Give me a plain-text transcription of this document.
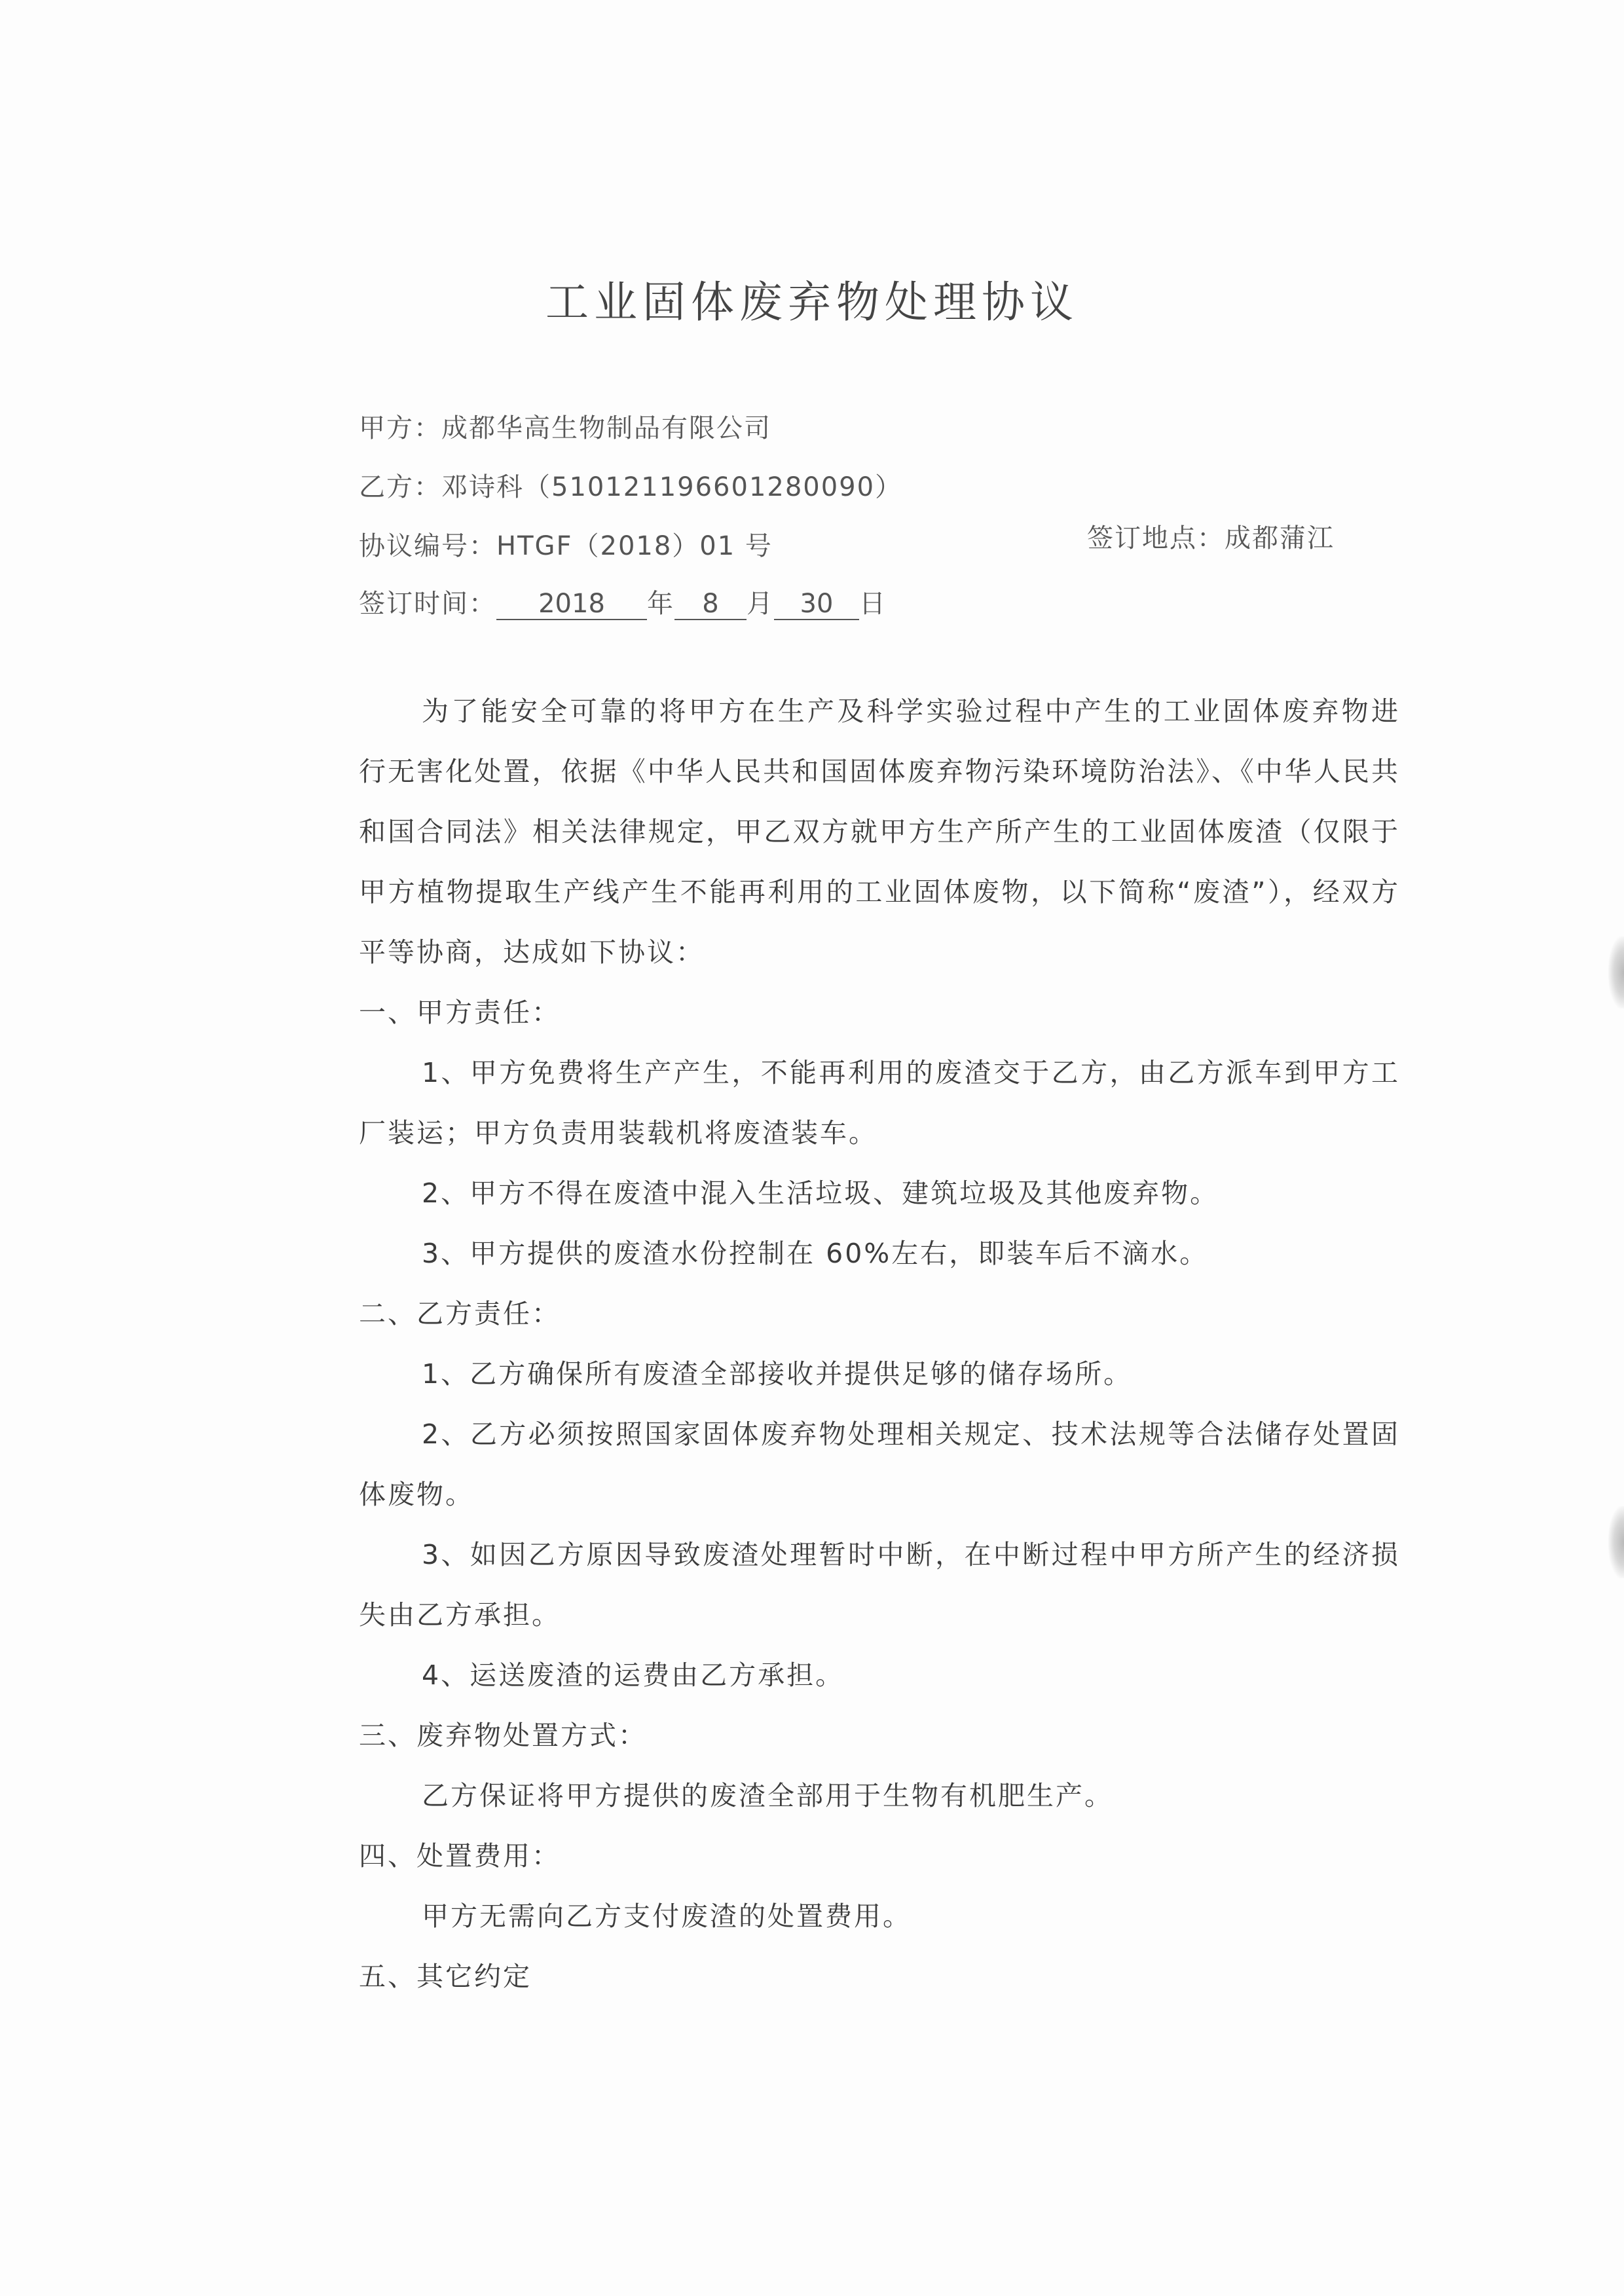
工业固体废弃物处理协议
甲方：成都华高生物制品有限公司
乙方：邓诗科（510121196601280090）
协议编号：HTGF（2018）01 号	签订地点：成都蒲江
签订时间： 2018 年 8 月 30 日

为了能安全可靠的将甲方在生产及科学实验过程中产生的工业固体废弃物进行无害化处置，依据《中华人民共和国固体废弃物污染环境防治法》、《中华人民共和国合同法》相关法律规定，甲乙双方就甲方生产所产生的工业固体废渣（仅限于甲方植物提取生产线产生不能再利用的工业固体废物，以下简称“废渣”），经双方平等协商，达成如下协议：

一、甲方责任：

1、甲方免费将生产产生，不能再利用的废渣交于乙方，由乙方派车到甲方工厂装运；甲方负责用装载机将废渣装车。

2、甲方不得在废渣中混入生活垃圾、建筑垃圾及其他废弃物。

3、甲方提供的废渣水份控制在 60%左右，即装车后不滴水。

二、乙方责任：

1、乙方确保所有废渣全部接收并提供足够的储存场所。

2、乙方必须按照国家固体废弃物处理相关规定、技术法规等合法储存处置固体废物。

3、如因乙方原因导致废渣处理暂时中断，在中断过程中甲方所产生的经济损失由乙方承担。

4、运送废渣的运费由乙方承担。

三、废弃物处置方式：

乙方保证将甲方提供的废渣全部用于生物有机肥生产。

四、处置费用：

甲方无需向乙方支付废渣的处置费用。

五、其它约定
